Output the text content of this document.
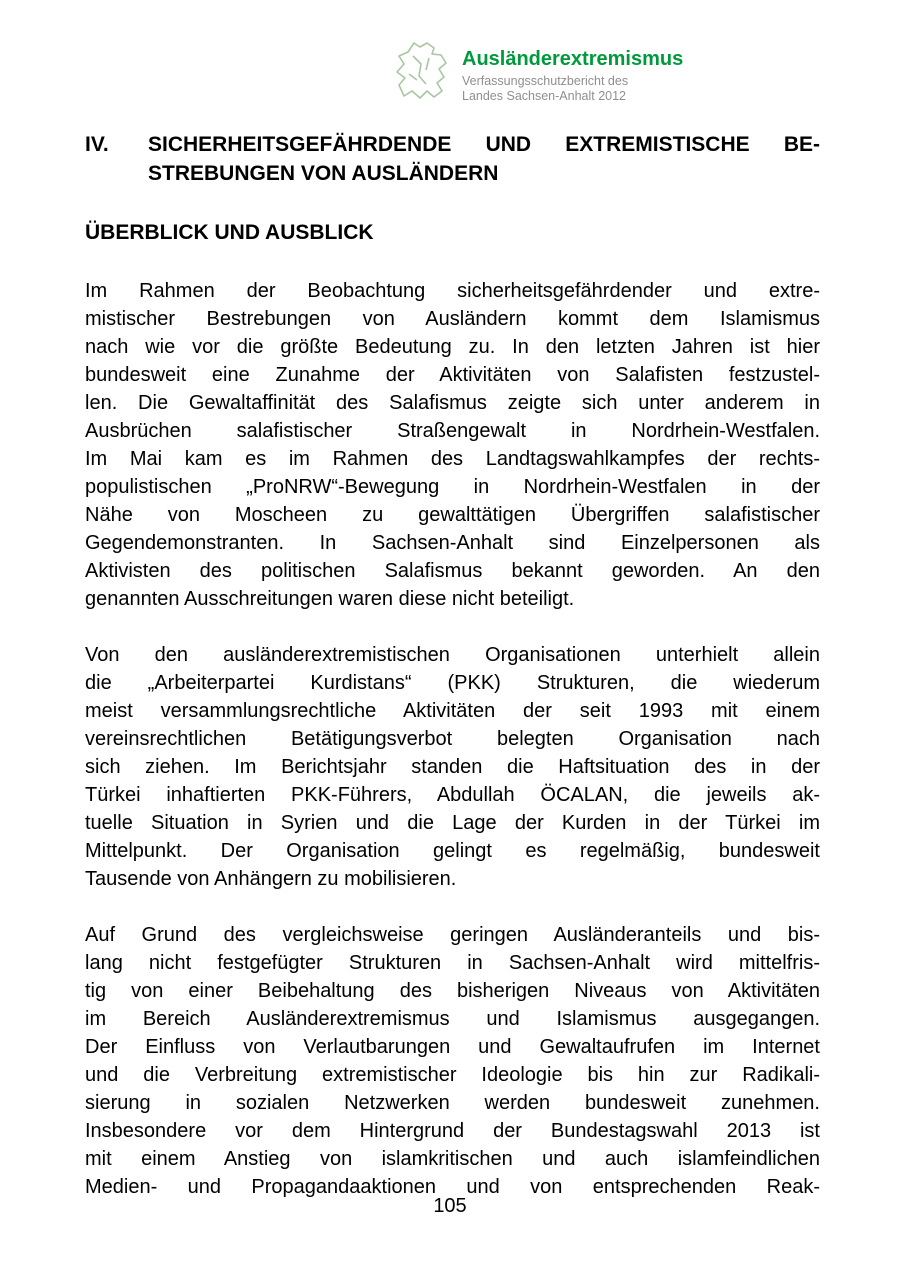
Ausländerextremismus
Verfassungsschutzbericht des
Landes Sachsen-Anhalt 2012
IV.	SICHERHEITSGEFÄHRDENDE UND EXTREMISTISCHE BE-
STREBUNGEN VON AUSLÄNDERN
ÜBERBLICK UND AUSBLICK
Im Rahmen der Beobachtung sicherheitsgefährdender und extre-
mistischer Bestrebungen von Ausländern kommt dem Islamismus
nach wie vor die größte Bedeutung zu. In den letzten Jahren ist hier
bundesweit eine Zunahme der Aktivitäten von Salafisten festzustel-
len. Die Gewaltaffinität des Salafismus zeigte sich unter anderem in
Ausbrüchen salafistischer Straßengewalt in Nordrhein-Westfalen.
Im Mai kam es im Rahmen des Landtagswahlkampfes der rechts-
populistischen „ProNRW“-Bewegung in Nordrhein-Westfalen in der
Nähe von Moscheen zu gewalttätigen Übergriffen salafistischer
Gegendemonstranten. In Sachsen-Anhalt sind Einzelpersonen als
Aktivisten des politischen Salafismus bekannt geworden. An den
genannten Ausschreitungen waren diese nicht beteiligt.
Von den ausländerextremistischen Organisationen unterhielt allein
die „Arbeiterpartei Kurdistans“ (PKK) Strukturen, die wiederum
meist versammlungsrechtliche Aktivitäten der seit 1993 mit einem
vereinsrechtlichen Betätigungsverbot belegten Organisation nach
sich ziehen. Im Berichtsjahr standen die Haftsituation des in der
Türkei inhaftierten PKK-Führers, Abdullah ÖCALAN, die jeweils ak-
tuelle Situation in Syrien und die Lage der Kurden in der Türkei im
Mittelpunkt. Der Organisation gelingt es regelmäßig, bundesweit
Tausende von Anhängern zu mobilisieren.
Auf Grund des vergleichsweise geringen Ausländeranteils und bis-
lang nicht festgefügter Strukturen in Sachsen-Anhalt wird mittelfris-
tig von einer Beibehaltung des bisherigen Niveaus von Aktivitäten
im Bereich Ausländerextremismus und Islamismus ausgegangen.
Der Einfluss von Verlautbarungen und Gewaltaufrufen im Internet
und die Verbreitung extremistischer Ideologie bis hin zur Radikali-
sierung in sozialen Netzwerken werden bundesweit zunehmen.
Insbesondere vor dem Hintergrund der Bundestagswahl 2013 ist
mit einem Anstieg von islamkritischen und auch islamfeindlichen
Medien- und Propagandaaktionen und von entsprechenden Reak-
105
